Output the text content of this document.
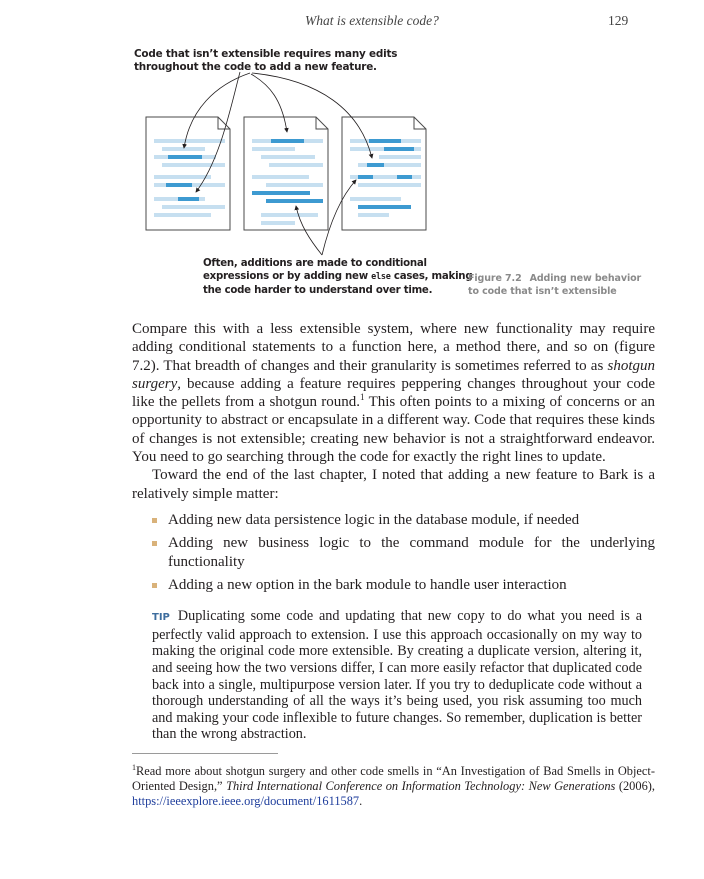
What is extensible code?	129
Code that isn’t extensible requires many edits throughout the code to add a new feature.
Often, additions are made to conditional expressions or by adding new else cases, making the code harder to understand over time.
Figure 7.2 Adding new behavior to code that isn’t extensible

Compare this with a less extensible system, where new functionality may require adding conditional statements to a function here, a method there, and so on (figure 7.2). That breadth of changes and their granularity is sometimes referred to as shotgun surgery, because adding a feature requires peppering changes throughout your code like the pellets from a shotgun round.$^1$ This often points to a mixing of concerns or an opportunity to abstract or encapsulate in a different way. Code that requires these kinds of changes is not extensible; creating new behavior is not a straightforward endeavor. You need to go searching through the code for exactly the right lines to update.

Toward the end of the last chapter, I noted that adding a new feature to Bark is a relatively simple matter:

Adding new data persistence logic in the database module, if needed
Adding new business logic to the command module for the underlying functionality
Adding a new option in the bark module to handle user interaction
TIP Duplicating some code and updating that new copy to do what you need is a perfectly valid approach to extension. I use this approach occasionally on my way to making the original code more extensible. By creating a duplicate version, altering it, and seeing how the two versions differ, I can more easily refactor that duplicated code back into a single, multipurpose version later. If you try to deduplicate code without a thorough understanding of all the ways it’s being used, you risk assuming too much and making your code inflexible to future changes. So remember, duplication is better than the wrong abstraction.
$^1$Read more about shotgun surgery and other code smells in “An Investigation of Bad Smells in Object-Oriented Design,” Third International Conference on Information Technology: New Generations (2006), https://ieeexplore.ieee.org/document/1611587.
